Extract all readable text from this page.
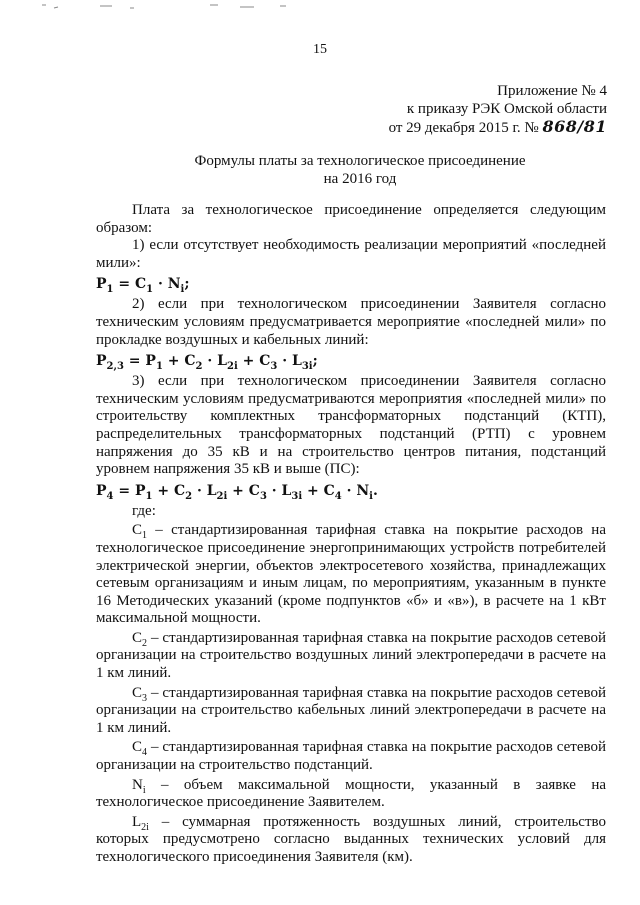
15
Приложение № 4
к приказу РЭК Омской области
от 29 декабря 2015 г. № 868/81
Формулы платы за технологическое присоединение
на 2016 год

Плата за технологическое присоединение определяется следующим образом:

1) если отсутствует необходимость реализации мероприятий «последней мили»:

$P_1 = C_1 \cdot N_i$;

2) если при технологическом присоединении Заявителя согласно техническим условиям предусматривается мероприятие «последней мили» по прокладке воздушных и кабельных линий:

$P_{2,3} = P_1 + C_2 \cdot L_{2i} + C_3 \cdot L_{3i}$;

3) если при технологическом присоединении Заявителя согласно техническим условиям предусматриваются мероприятия «последней мили» по строительству комплектных трансформаторных подстанций (КТП), распределительных трансформаторных подстанций (РТП) с уровнем напряжения до 35 кВ и на строительство центров питания, подстанций уровнем напряжения 35 кВ и выше (ПС):

$P_4 = P_1 + C_2 \cdot L_{2i} + C_3 \cdot L_{3i} + C_4 \cdot N_i$.

где:

$С_1$ – стандартизированная тарифная ставка на покрытие расходов на технологическое присоединение энергопринимающих устройств потребителей электрической энергии, объектов электросетевого хозяйства, принадлежащих сетевым организациям и иным лицам, по мероприятиям, указанным в пункте 16 Методических указаний (кроме подпунктов «б» и «в»), в расчете на 1 кВт максимальной мощности.

$С_2$ – стандартизированная тарифная ставка на покрытие расходов сетевой организации на строительство воздушных линий электропередачи в расчете на 1 км линий.

$С_3$ – стандартизированная тарифная ставка на покрытие расходов сетевой организации на строительство кабельных линий электропередачи в расчете на 1 км линий.

$С_4$ – стандартизированная тарифная ставка на покрытие расходов сетевой организации на строительство подстанций.

$N_i$ – объем максимальной мощности, указанный в заявке на технологическое присоединение Заявителем.

$L_{2i}$ – суммарная протяженность воздушных линий, строительство которых предусмотрено согласно выданных технических условий для технологического присоединения Заявителя (км).
